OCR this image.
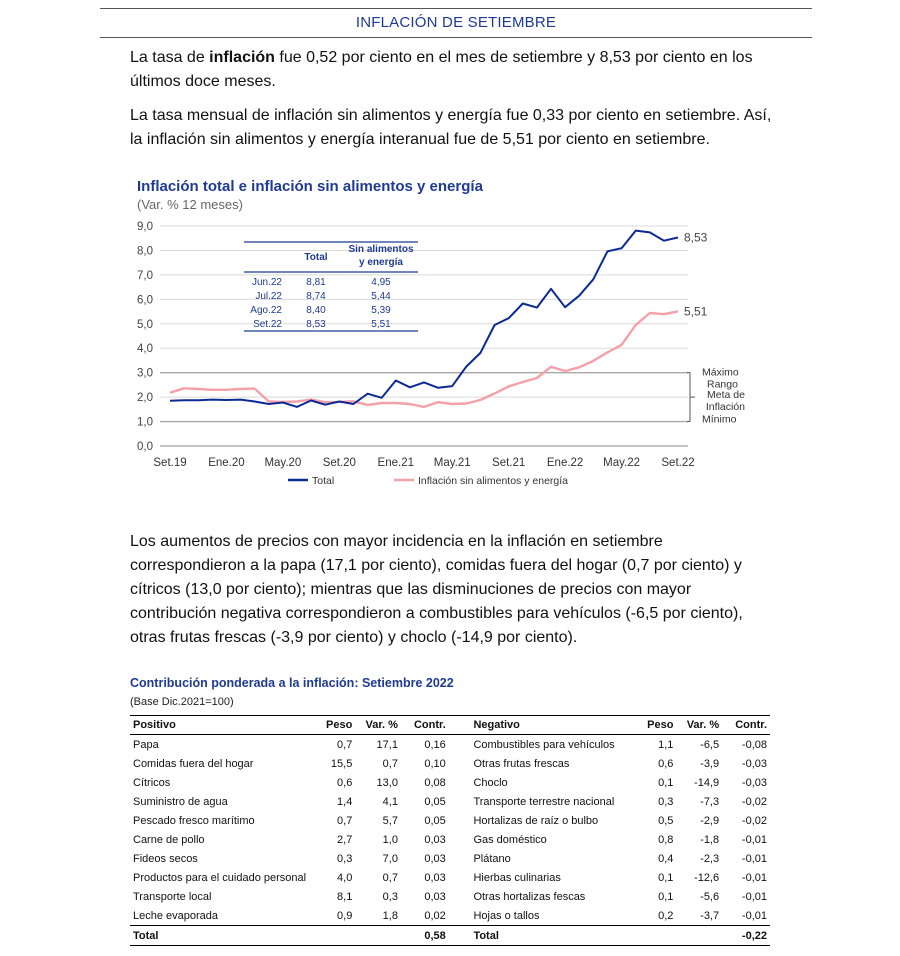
INFLACIÓN DE SETIEMBRE
La tasa de inflación fue 0,52 por ciento en el mes de setiembre y 8,53 por ciento en los últimos doce meses.
La tasa mensual de inflación sin alimentos y energía fue 0,33 por ciento en setiembre. Así, la inflación sin alimentos y energía interanual fue de 5,51 por ciento en setiembre.
Inflación total e inflación sin alimentos y energía
(Var. % 12 meses)
0,0
1,0
2,0
3,0
4,0
5,0
6,0
7,0
8,0
9,0
Set.19 Ene.20 May.20 Set.20 Ene.21 May.21 Set.21 Ene.22 May.22 Set.22
5,51
8,53
Máximo
Rango
Meta de
Inflación
Mínimo
Total
Sin alimentos
y energía
Jun.22 8,81	4,95
Jul.22 8,74	5,44
Ago.22 8,40	5,39
Set.22 8,53	5,51
Total	Inflación sin alimentos y energía
Los aumentos de precios con mayor incidencia en la inflación en setiembre correspondieron a la papa (17,1 por ciento), comidas fuera del hogar (0,7 por ciento) y cítricos (13,0 por ciento); mientras que las disminuciones de precios con mayor contribución negativa correspondieron a combustibles para vehículos (-6,5 por ciento), otras frutas frescas (-3,9 por ciento) y choclo (-14,9 por ciento).
Contribución ponderada a la inflación: Setiembre 2022
(Base Dic.2021=100)
Positivo	Peso	Var. %	Contr.		Negativo	Peso	Var. %	Contr.
Papa	0,7	17,1	0,16		Combustibles para vehículos	1,1	-6,5	-0,08
Comidas fuera del hogar	15,5	0,7	0,10		Otras frutas frescas	0,6	-3,9	-0,03
Cítricos	0,6	13,0	0,08		Choclo	0,1	-14,9	-0,03
Suministro de agua	1,4	4,1	0,05		Transporte terrestre nacional	0,3	-7,3	-0,02
Pescado fresco marítimo	0,7	5,7	0,05		Hortalizas de raíz o bulbo	0,5	-2,9	-0,02
Carne de pollo	2,7	1,0	0,03		Gas doméstico	0,8	-1,8	-0,01
Fideos secos	0,3	7,0	0,03		Plátano	0,4	-2,3	-0,01
Productos para el cuidado personal	4,0	0,7	0,03		Hierbas culinarias	0,1	-12,6	-0,01
Transporte local	8,1	0,3	0,03		Otras hortalizas fescas	0,1	-5,6	-0,01
Leche evaporada	0,9	1,8	0,02		Hojas o tallos	0,2	-3,7	-0,01
Total			0,58		Total			-0,22
